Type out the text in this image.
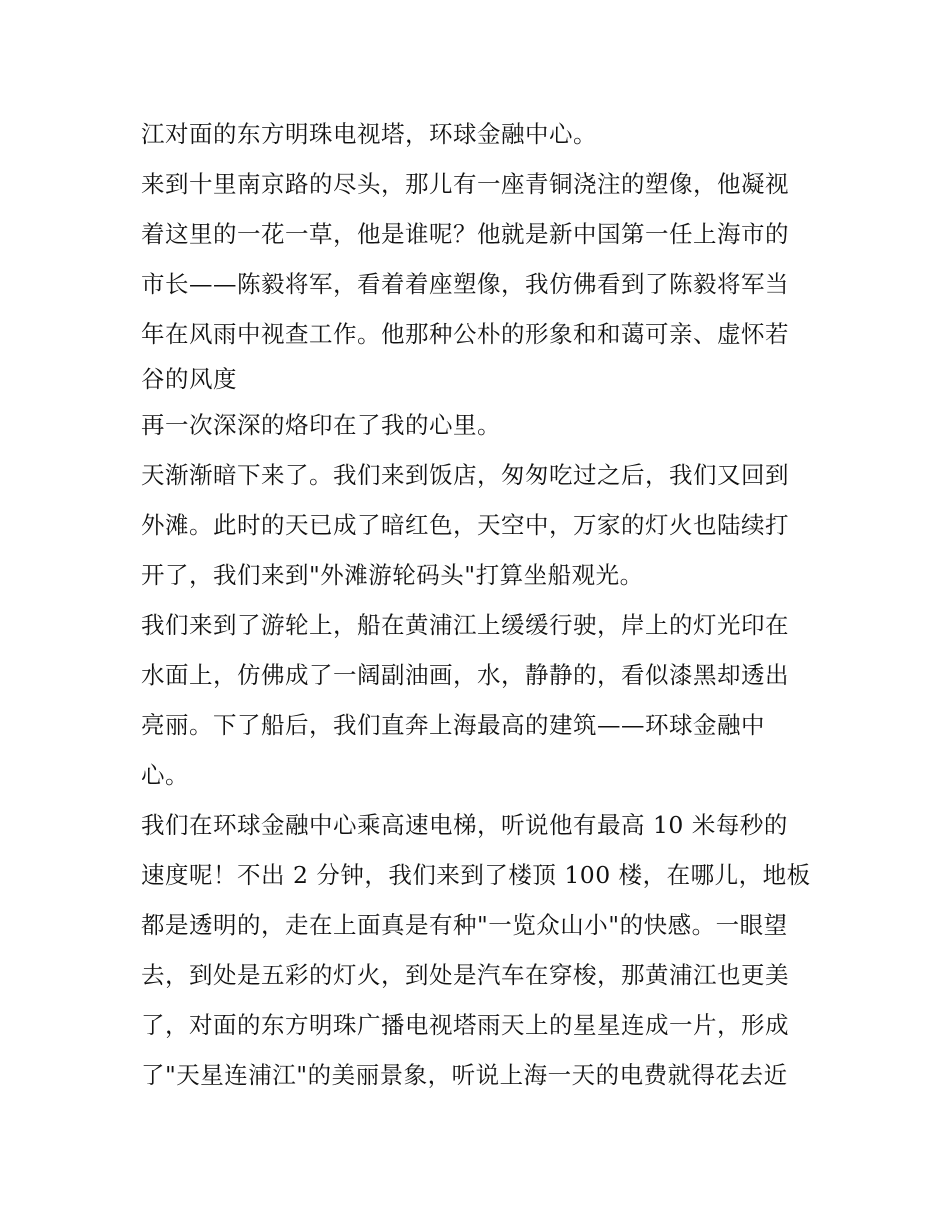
江对面的东方明珠电视塔，环球金融中心。
来到十里南京路的尽头，那儿有一座青铜浇注的塑像，他凝视
着这里的一花一草，他是谁呢？他就是新中国第一任上海市的
市长——陈毅将军，看着着座塑像，我仿佛看到了陈毅将军当
年在风雨中视查工作。他那种公朴的形象和和蔼可亲、虚怀若
谷的风度
再一次深深的烙印在了我的心里。
天渐渐暗下来了。我们来到饭店，匆匆吃过之后，我们又回到
外滩。此时的天已成了暗红色，天空中，万家的灯火也陆续打
开了，我们来到"外滩游轮码头"打算坐船观光。
我们来到了游轮上，船在黄浦江上缓缓行驶，岸上的灯光印在
水面上，仿佛成了一阔副油画，水，静静的，看似漆黑却透出
亮丽。下了船后，我们直奔上海最高的建筑——环球金融中
心。
我们在环球金融中心乘高速电梯，听说他有最高 10 米每秒的
速度呢！不出 2 分钟，我们来到了楼顶 100 楼，在哪儿，地板
都是透明的，走在上面真是有种"一览众山小"的快感。一眼望
去，到处是五彩的灯火，到处是汽车在穿梭，那黄浦江也更美
了，对面的东方明珠广播电视塔雨天上的星星连成一片，形成
了"天星连浦江"的美丽景象，听说上海一天的电费就得花去近
